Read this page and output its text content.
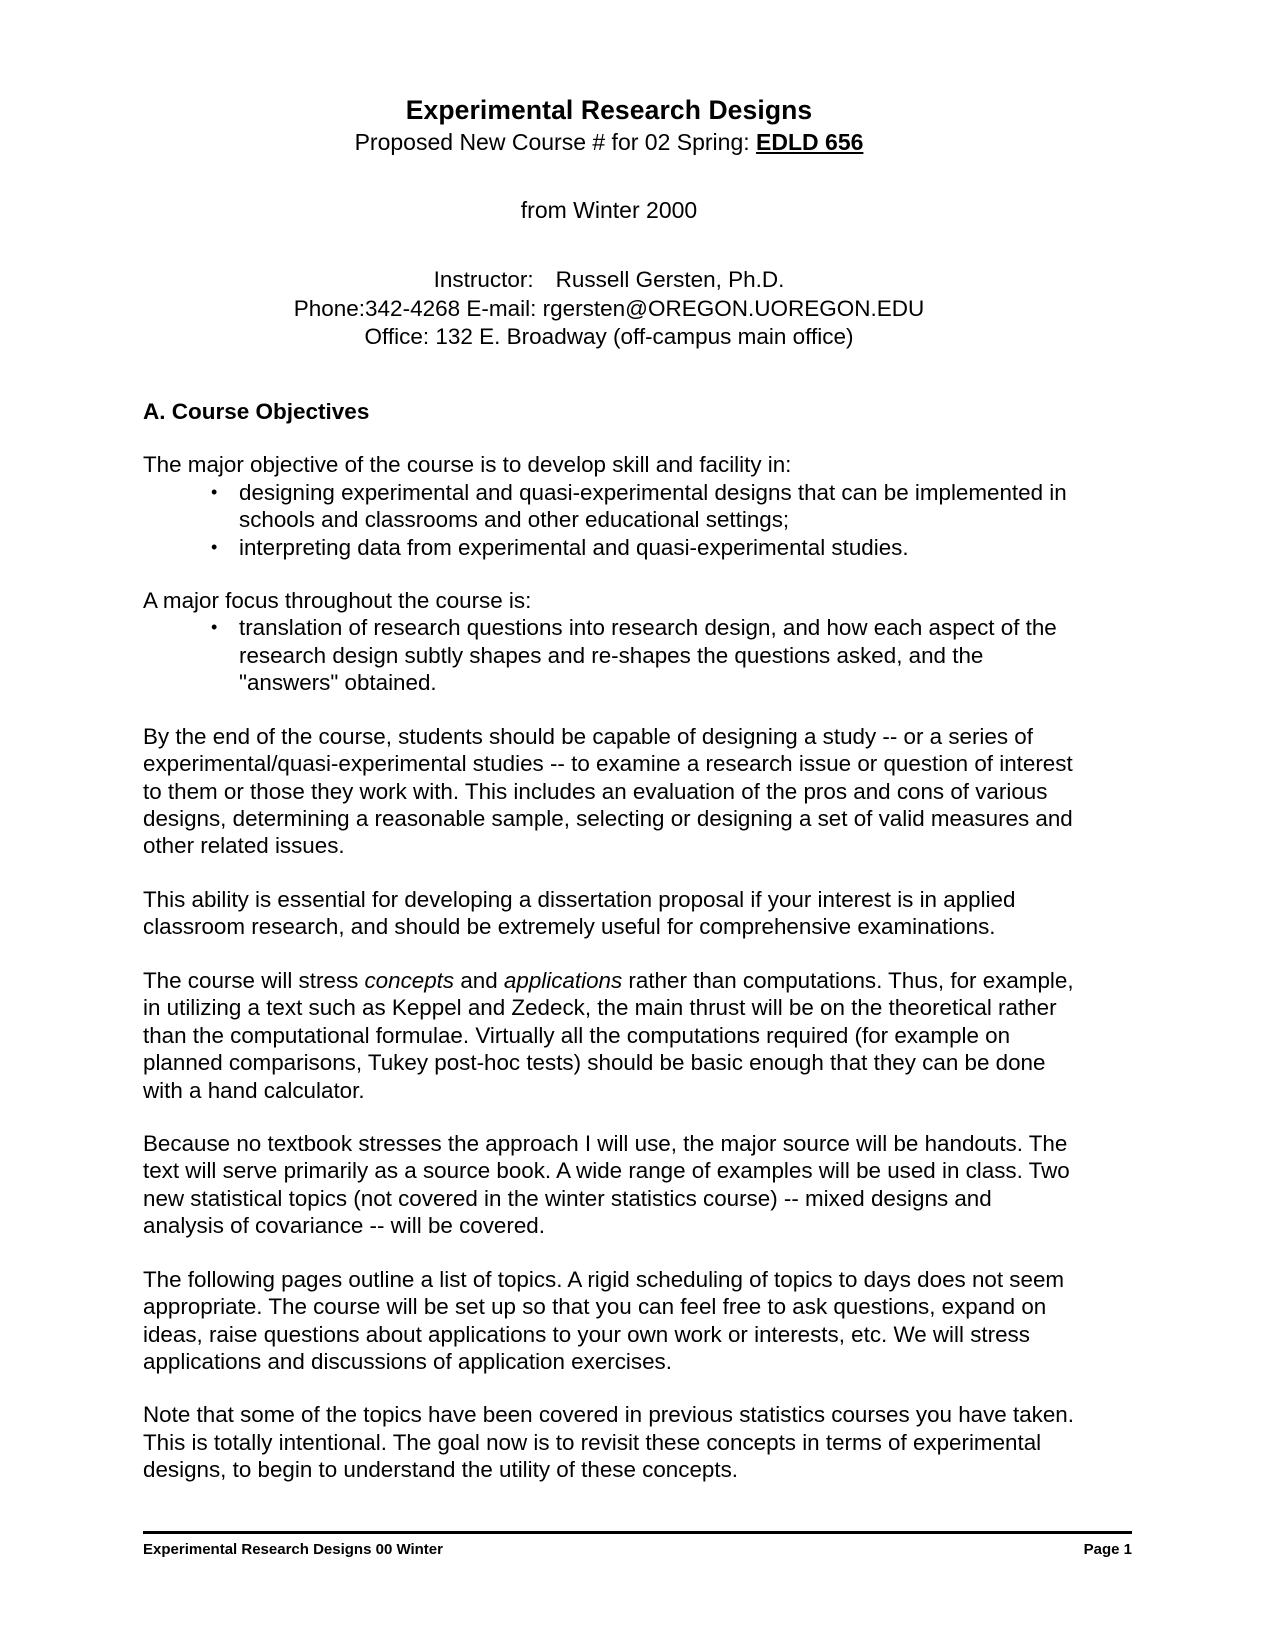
Experimental Research Designs
Proposed New Course # for 02 Spring: EDLD 656
from Winter 2000
Instructor: Russell Gersten, Ph.D.
Phone:342-4268 E-mail: rgersten@OREGON.UOREGON.EDU
Office: 132 E. Broadway (off-campus main office)
A. Course Objectives

The major objective of the course is to develop skill and facility in:

• designing experimental and quasi-experimental designs that can be implemented in schools and classrooms and other educational settings;
• interpreting data from experimental and quasi-experimental studies.

A major focus throughout the course is:

• translation of research questions into research design, and how each aspect of the research design subtly shapes and re-shapes the questions asked, and the "answers" obtained.

By the end of the course, students should be capable of designing a study -- or a series of experimental/quasi-experimental studies -- to examine a research issue or question of interest to them or those they work with. This includes an evaluation of the pros and cons of various designs, determining a reasonable sample, selecting or designing a set of valid measures and other related issues.

This ability is essential for developing a dissertation proposal if your interest is in applied classroom research, and should be extremely useful for comprehensive examinations.

The course will stress concepts and applications rather than computations. Thus, for example, in utilizing a text such as Keppel and Zedeck, the main thrust will be on the theoretical rather than the computational formulae. Virtually all the computations required (for example on planned comparisons, Tukey post-hoc tests) should be basic enough that they can be done with a hand calculator.

Because no textbook stresses the approach I will use, the major source will be handouts. The text will serve primarily as a source book. A wide range of examples will be used in class. Two new statistical topics (not covered in the winter statistics course) -- mixed designs and analysis of covariance -- will be covered.

The following pages outline a list of topics. A rigid scheduling of topics to days does not seem appropriate. The course will be set up so that you can feel free to ask questions, expand on ideas, raise questions about applications to your own work or interests, etc. We will stress applications and discussions of application exercises.

Note that some of the topics have been covered in previous statistics courses you have taken. This is totally intentional. The goal now is to revisit these concepts in terms of experimental designs, to begin to understand the utility of these concepts.

Experimental Research Designs 00 Winter	Page 1
